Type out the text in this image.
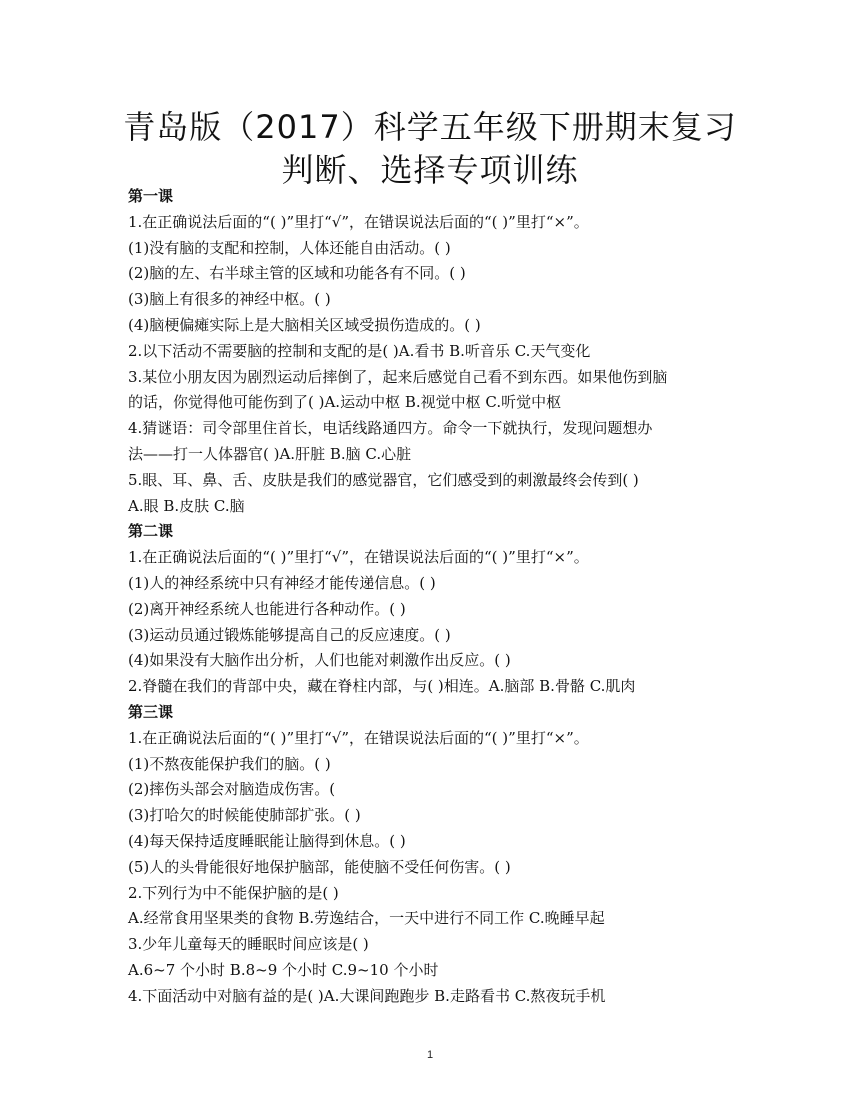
青岛版（2017）科学五年级下册期末复习
判断、选择专项训练
第一课
1.在正确说法后面的“( )”里打“√”，在错误说法后面的“( )”里打“×”。
(1)没有脑的支配和控制，人体还能自由活动。( )
(2)脑的左、右半球主管的区域和功能各有不同。( )
(3)脑上有很多的神经中枢。( )
(4)脑梗偏瘫实际上是大脑相关区域受损伤造成的。( )
2.以下活动不需要脑的控制和支配的是( )A.看书 B.听音乐 C.天气变化
3.某位小朋友因为剧烈运动后摔倒了，起来后感觉自己看不到东西。如果他伤到脑
的话，你觉得他可能伤到了( )A.运动中枢 B.视觉中枢 C.听觉中枢
4.猜谜语：司令部里住首长，电话线路通四方。命令一下就执行，发现问题想办
法——打一人体器官( )A.肝脏 B.脑 C.心脏
5.眼、耳、鼻、舌、皮肤是我们的感觉器官，它们感受到的刺激最终会传到( )
A.眼 B.皮肤 C.脑
第二课
1.在正确说法后面的“( )”里打“√”，在错误说法后面的“( )”里打“×”。
(1)人的神经系统中只有神经才能传递信息。( )
(2)离开神经系统人也能进行各种动作。( )
(3)运动员通过锻炼能够提高自己的反应速度。( )
(4)如果没有大脑作出分析，人们也能对刺激作出反应。( )
2.脊髓在我们的背部中央，藏在脊柱内部，与( )相连。A.脑部 B.骨骼 C.肌肉
第三课
1.在正确说法后面的“( )”里打“√”，在错误说法后面的“( )”里打“×”。
(1)不熬夜能保护我们的脑。( )
(2)摔伤头部会对脑造成伤害。(
(3)打哈欠的时候能使肺部扩张。( )
(4)每天保持适度睡眠能让脑得到休息。( )
(5)人的头骨能很好地保护脑部，能使脑不受任何伤害。( )
2.下列行为中不能保护脑的是( )
A.经常食用坚果类的食物 B.劳逸结合，一天中进行不同工作 C.晚睡早起
3.少年儿童每天的睡眠时间应该是( )
A.6~7 个小时 B.8~9 个小时 C.9~10 个小时
4.下面活动中对脑有益的是( )A.大课间跑跑步 B.走路看书 C.熬夜玩手机
1
